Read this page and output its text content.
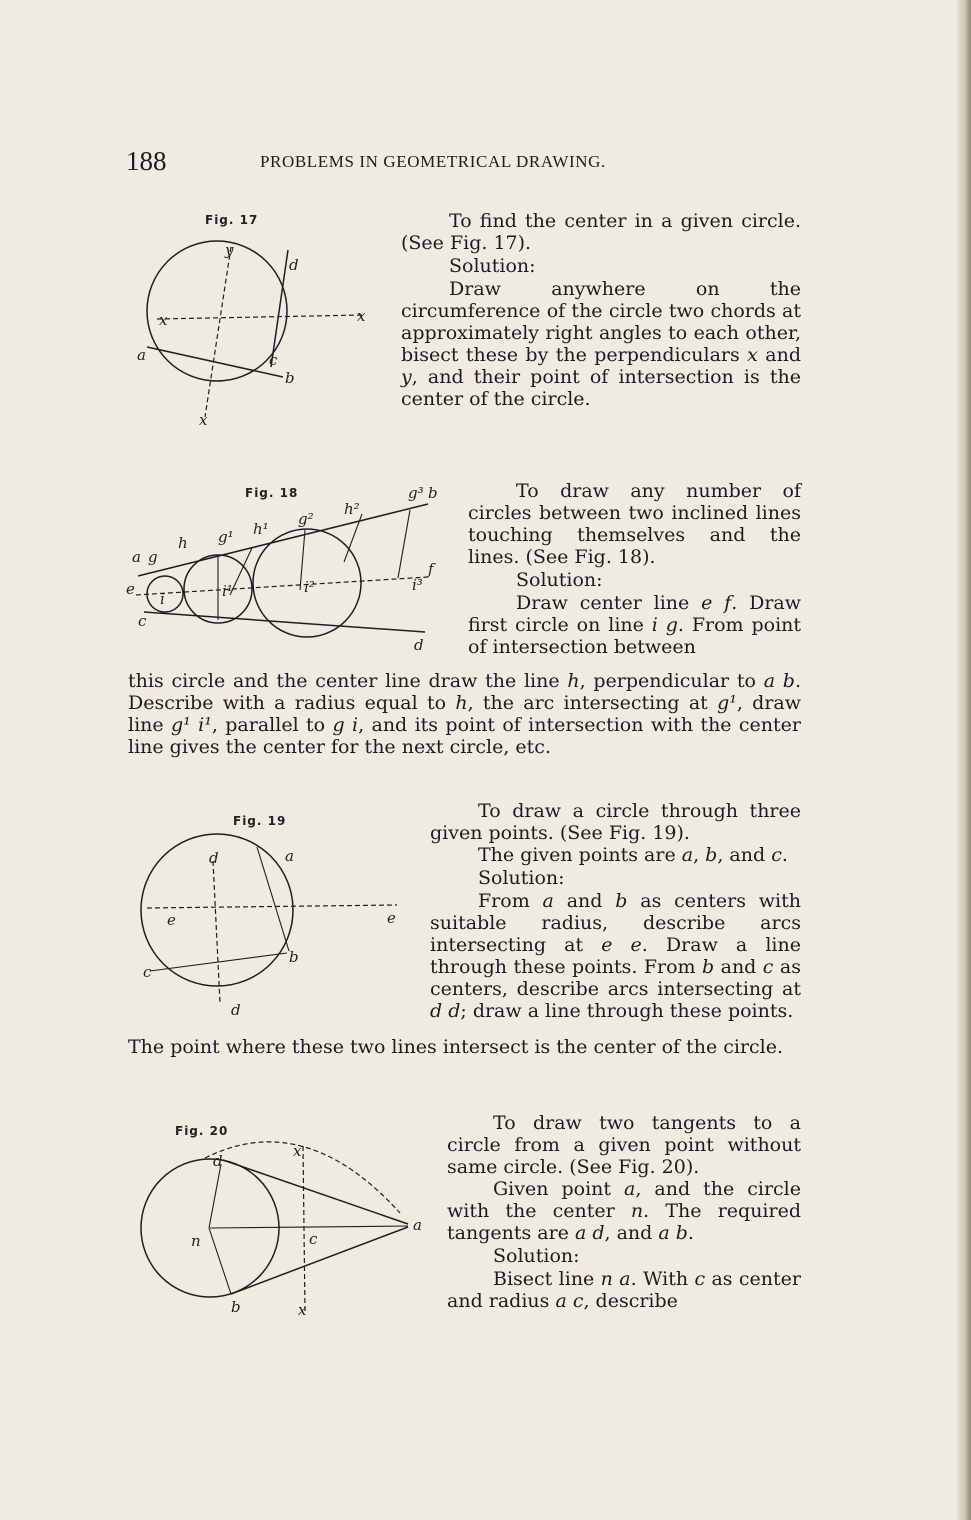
188	PROBLEMS IN GEOMETRICAL DRAWING.
Fig. 17
y
d
x	x
a	c
b
x

To find the center in a given circle. (See Fig. 17).

Solution:

Draw anywhere on the circumference of the circle two chords at approximately right angles to each other, bisect these by the perpendiculars x and y, and their point of intersection is the center of the circle.

Fig. 18
a g
h g¹ h¹
g²
h²
g³ b
e
i	i¹	i²	i³
f
c
d

To draw any number of circles between two inclined lines touching themselves and the lines. (See Fig. 18).

Solution:

Draw center line e f. Draw first circle on line i g. From point of intersection between

this circle and the center line draw the line h, perpendicular to a b. Describe with a radius equal to h, the arc intersecting at g¹, draw line g¹ i¹, parallel to g i, and its point of intersection with the center line gives the center for the next circle, etc.

Fig. 19
d	a
e	e
b
c
d

To draw a circle through three given points. (See Fig. 19).

The given points are a, b, and c.

Solution:

From a and b as centers with suitable radius, describe arcs intersecting at e e. Draw a line through these points. From b and c as centers, describe arcs intersecting at d d; draw a line through these points.

The point where these two lines intersect is the center of the circle.

Fig. 20
d
x
n	c
a
b	x

To draw two tangents to a circle from a given point without same circle. (See Fig. 20).

Given point a, and the circle with the center n. The required tangents are a d, and a b.

Solution:

Bisect line n a. With c as center and radius a c, describe
